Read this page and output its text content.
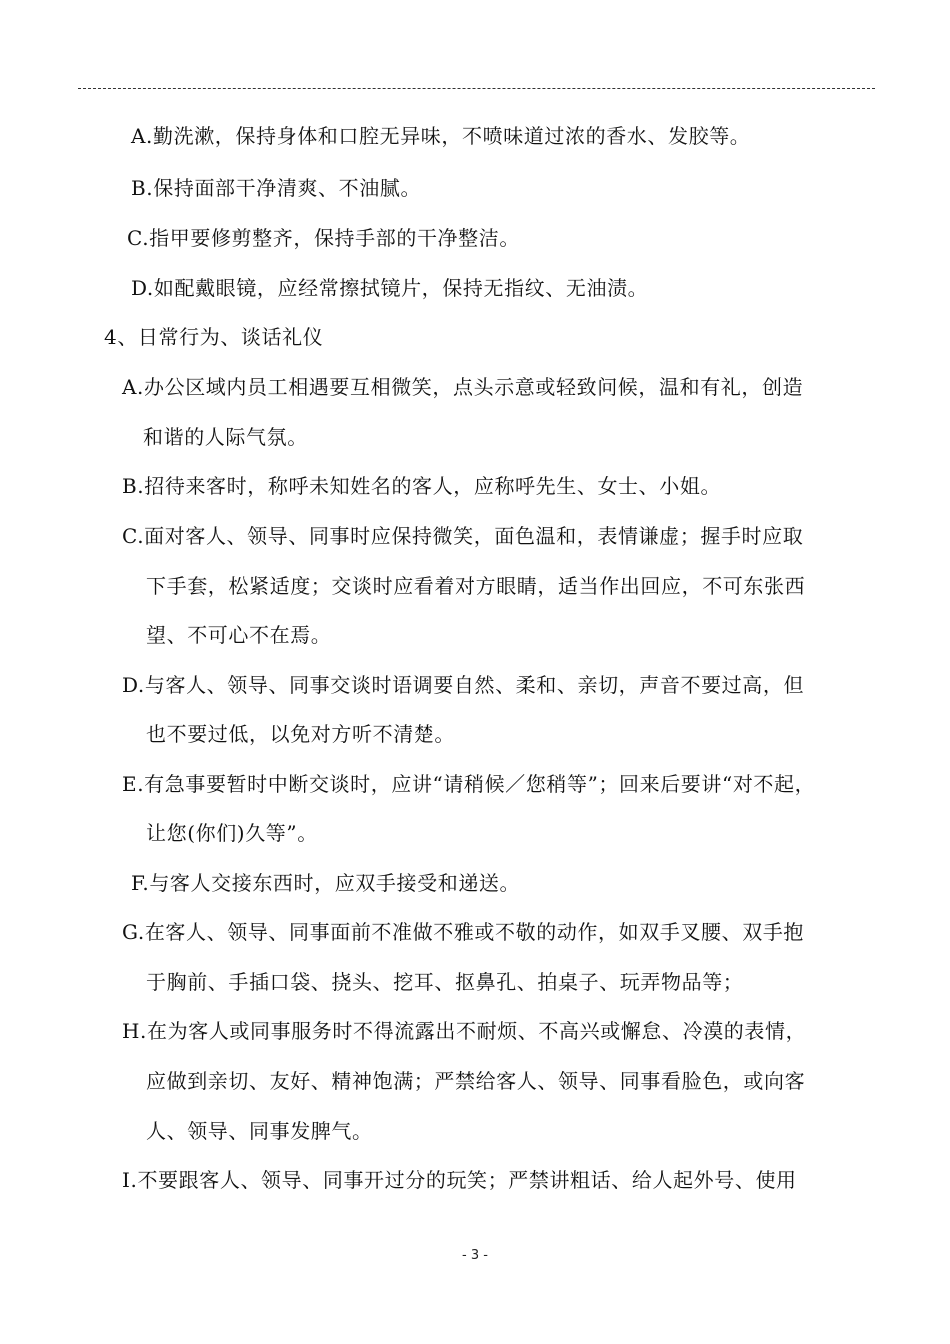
A.勤洗漱，保持身体和口腔无异味，不喷味道过浓的香水、发胶等。
B.保持面部干净清爽、不油腻。
C.指甲要修剪整齐，保持手部的干净整洁。
D.如配戴眼镜，应经常擦拭镜片，保持无指纹、无油渍。
4、日常行为、谈话礼仪
A.办公区域内员工相遇要互相微笑，点头示意或轻致问候，温和有礼，创造
和谐的人际气氛。
B.招待来客时，称呼未知姓名的客人，应称呼先生、女士、小姐。
C.面对客人、领导、同事时应保持微笑，面色温和，表情谦虚；握手时应取
下手套，松紧适度；交谈时应看着对方眼睛，适当作出回应，不可东张西
望、不可心不在焉。
D.与客人、领导、同事交谈时语调要自然、柔和、亲切，声音不要过高，但
也不要过低，以免对方听不清楚。
E.有急事要暂时中断交谈时，应讲“请稍候／您稍等”；回来后要讲“对不起，
让您(你们)久等”。
F.与客人交接东西时，应双手接受和递送。
G.在客人、领导、同事面前不准做不雅或不敬的动作，如双手叉腰、双手抱
于胸前、手插口袋、挠头、挖耳、抠鼻孔、拍桌子、玩弄物品等；
H.在为客人或同事服务时不得流露出不耐烦、不高兴或懈怠、冷漠的表情，
应做到亲切、友好、精神饱满；严禁给客人、领导、同事看脸色，或向客
人、领导、同事发脾气。
I.不要跟客人、领导、同事开过分的玩笑；严禁讲粗话、给人起外号、使用
- 3 -
